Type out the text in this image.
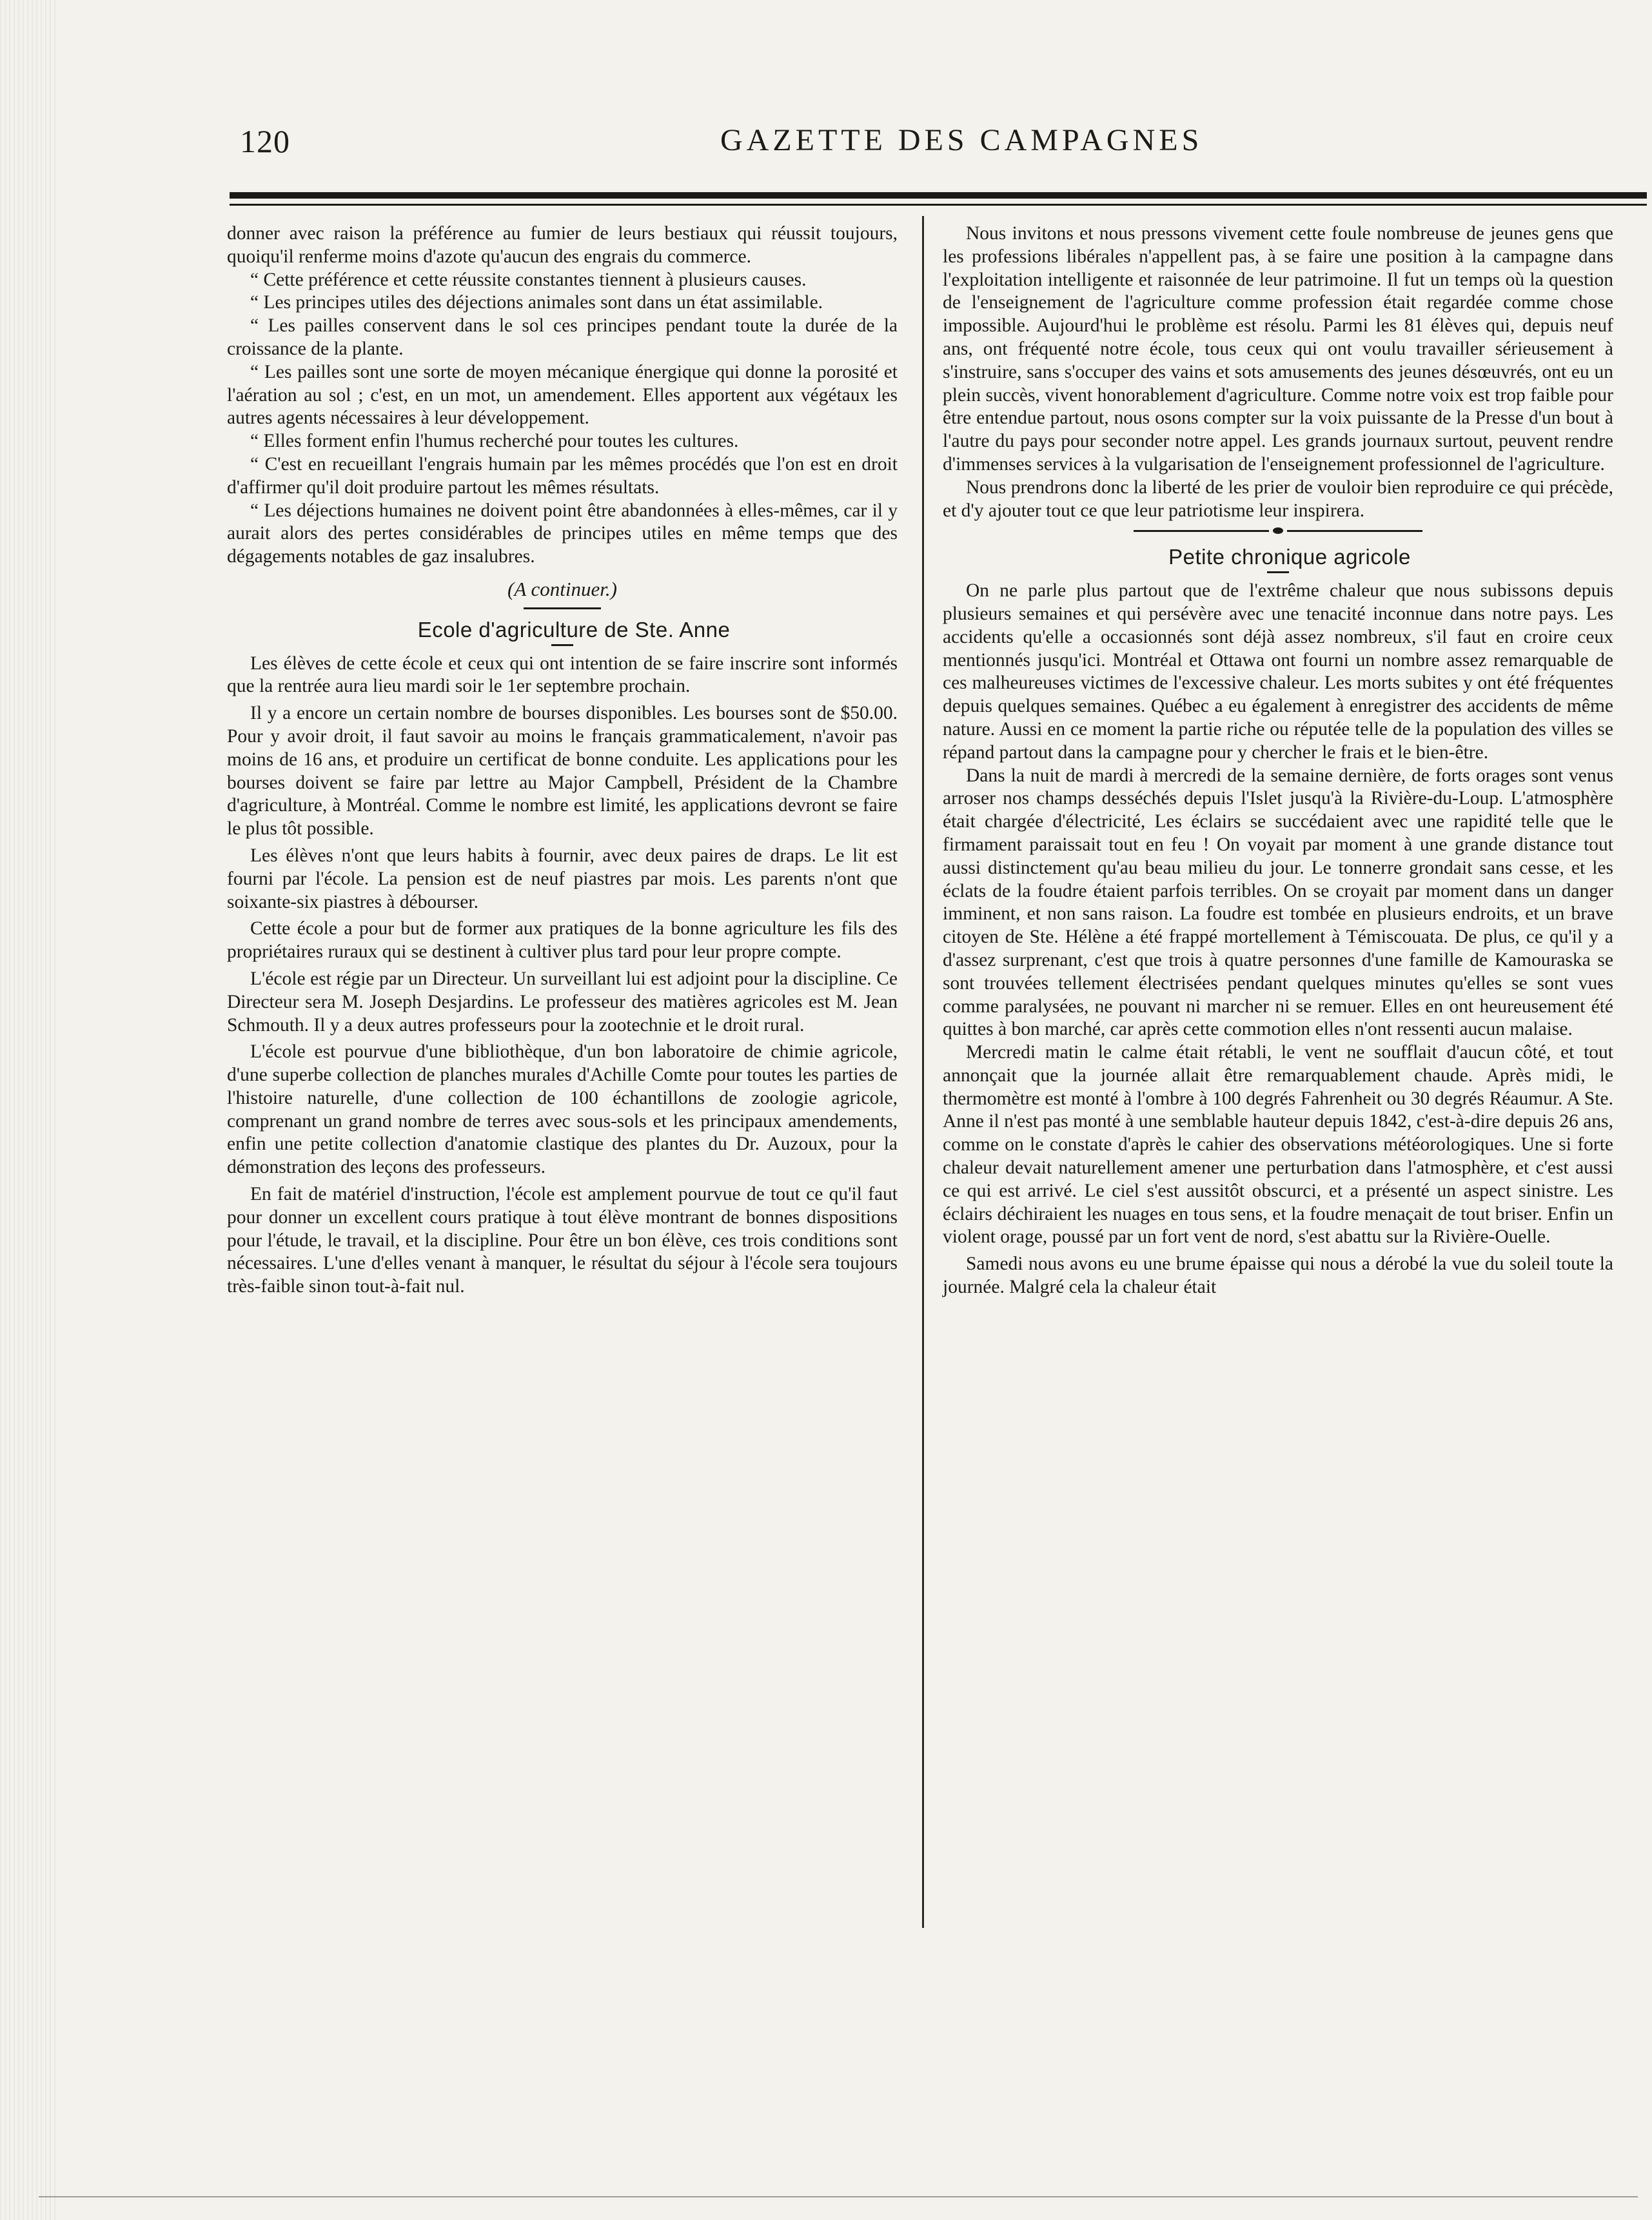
120	GAZETTE DES CAMPAGNES

donner avec raison la préférence au fumier de leurs bestiaux qui réussit toujours, quoiqu'il renferme moins d'azote qu'aucun des engrais du commerce.

“ Cette préférence et cette réussite constantes tiennent à plusieurs causes.

“ Les principes utiles des déjections animales sont dans un état assimilable.

“ Les pailles conservent dans le sol ces principes pendant toute la durée de la croissance de la plante.

“ Les pailles sont une sorte de moyen mécanique énergique qui donne la porosité et l'aération au sol ; c'est, en un mot, un amendement. Elles apportent aux végétaux les autres agents nécessaires à leur développement.

“ Elles forment enfin l'humus recherché pour toutes les cultures.

“ C'est en recueillant l'engrais humain par les mêmes procédés que l'on est en droit d'affirmer qu'il doit produire partout les mêmes résultats.

“ Les déjections humaines ne doivent point être abandonnées à elles-mêmes, car il y aurait alors des pertes considérables de principes utiles en même temps que des dégagements notables de gaz insalubres.

(A continuer.)

Ecole d'agriculture de Ste. Anne

Les élèves de cette école et ceux qui ont intention de se faire inscrire sont informés que la rentrée aura lieu mardi soir le 1er septembre prochain.

Il y a encore un certain nombre de bourses disponibles. Les bourses sont de $50.00. Pour y avoir droit, il faut savoir au moins le français grammaticalement, n'avoir pas moins de 16 ans, et produire un certificat de bonne conduite. Les applications pour les bourses doivent se faire par lettre au Major Campbell, Président de la Chambre d'agriculture, à Montréal. Comme le nombre est limité, les applications devront se faire le plus tôt possible.

Les élèves n'ont que leurs habits à fournir, avec deux paires de draps. Le lit est fourni par l'école. La pension est de neuf piastres par mois. Les parents n'ont que soixante-six piastres à débourser.

Cette école a pour but de former aux pratiques de la bonne agriculture les fils des propriétaires ruraux qui se destinent à cultiver plus tard pour leur propre compte.

L'école est régie par un Directeur. Un surveillant lui est adjoint pour la discipline. Ce Directeur sera M. Joseph Desjardins. Le professeur des matières agricoles est M. Jean Schmouth. Il y a deux autres professeurs pour la zootechnie et le droit rural.

L'école est pourvue d'une bibliothèque, d'un bon laboratoire de chimie agricole, d'une superbe collection de planches murales d'Achille Comte pour toutes les parties de l'histoire naturelle, d'une collection de 100 échantillons de zoologie agricole, comprenant un grand nombre de terres avec sous-sols et les principaux amendements, enfin une petite collection d'anatomie clastique des plantes du Dr. Auzoux, pour la démonstration des leçons des professeurs.

En fait de matériel d'instruction, l'école est amplement pourvue de tout ce qu'il faut pour donner un excellent cours pratique à tout élève montrant de bonnes dispositions pour l'étude, le travail, et la discipline. Pour être un bon élève, ces trois conditions sont nécessaires. L'une d'elles venant à manquer, le résultat du séjour à l'école sera toujours très-faible sinon tout-à-fait nul.

Nous invitons et nous pressons vivement cette foule nombreuse de jeunes gens que les professions libérales n'appellent pas, à se faire une position à la campagne dans l'exploitation intelligente et raisonnée de leur patrimoine. Il fut un temps où la question de l'enseignement de l'agriculture comme profession était regardée comme chose impossible. Aujourd'hui le problème est résolu. Parmi les 81 élèves qui, depuis neuf ans, ont fréquenté notre école, tous ceux qui ont voulu travailler sérieusement à s'instruire, sans s'occuper des vains et sots amusements des jeunes désœuvrés, ont eu un plein succès, vivent honorablement d'agriculture. Comme notre voix est trop faible pour être entendue partout, nous osons compter sur la voix puissante de la Presse d'un bout à l'autre du pays pour seconder notre appel. Les grands journaux surtout, peuvent rendre d'immenses services à la vulgarisation de l'enseignement professionnel de l'agriculture.

Nous prendrons donc la liberté de les prier de vouloir bien reproduire ce qui précède, et d'y ajouter tout ce que leur patriotisme leur inspirera.

Petite chronique agricole

On ne parle plus partout que de l'extrême chaleur que nous subissons depuis plusieurs semaines et qui persévère avec une tenacité inconnue dans notre pays. Les accidents qu'elle a occasionnés sont déjà assez nombreux, s'il faut en croire ceux mentionnés jusqu'ici. Montréal et Ottawa ont fourni un nombre assez remarquable de ces malheureuses victimes de l'excessive chaleur. Les morts subites y ont été fréquentes depuis quelques semaines. Québec a eu également à enregistrer des accidents de même nature. Aussi en ce moment la partie riche ou réputée telle de la population des villes se répand partout dans la campagne pour y chercher le frais et le bien-être.

Dans la nuit de mardi à mercredi de la semaine dernière, de forts orages sont venus arroser nos champs desséchés depuis l'Islet jusqu'à la Rivière-du-Loup. L'atmosphère était chargée d'électricité, Les éclairs se succédaient avec une rapidité telle que le firmament paraissait tout en feu ! On voyait par moment à une grande distance tout aussi distinctement qu'au beau milieu du jour. Le tonnerre grondait sans cesse, et les éclats de la foudre étaient parfois terribles. On se croyait par moment dans un danger imminent, et non sans raison. La foudre est tombée en plusieurs endroits, et un brave citoyen de Ste. Hélène a été frappé mortellement à Témiscouata. De plus, ce qu'il y a d'assez surprenant, c'est que trois à quatre personnes d'une famille de Kamouraska se sont trouvées tellement électrisées pendant quelques minutes qu'elles se sont vues comme paralysées, ne pouvant ni marcher ni se remuer. Elles en ont heureusement été quittes à bon marché, car après cette commotion elles n'ont ressenti aucun malaise.

Mercredi matin le calme était rétabli, le vent ne soufflait d'aucun côté, et tout annonçait que la journée allait être remarquablement chaude. Après midi, le thermomètre est monté à l'ombre à 100 degrés Fahrenheit ou 30 degrés Réaumur. A Ste. Anne il n'est pas monté à une semblable hauteur depuis 1842, c'est-à-dire depuis 26 ans, comme on le constate d'après le cahier des observations météorologiques. Une si forte chaleur devait naturellement amener une perturbation dans l'atmosphère, et c'est aussi ce qui est arrivé. Le ciel s'est aussitôt obscurci, et a présenté un aspect sinistre. Les éclairs déchiraient les nuages en tous sens, et la foudre menaçait de tout briser. Enfin un violent orage, poussé par un fort vent de nord, s'est abattu sur la Rivière-Ouelle.

Samedi nous avons eu une brume épaisse qui nous a dérobé la vue du soleil toute la journée. Malgré cela la chaleur était
